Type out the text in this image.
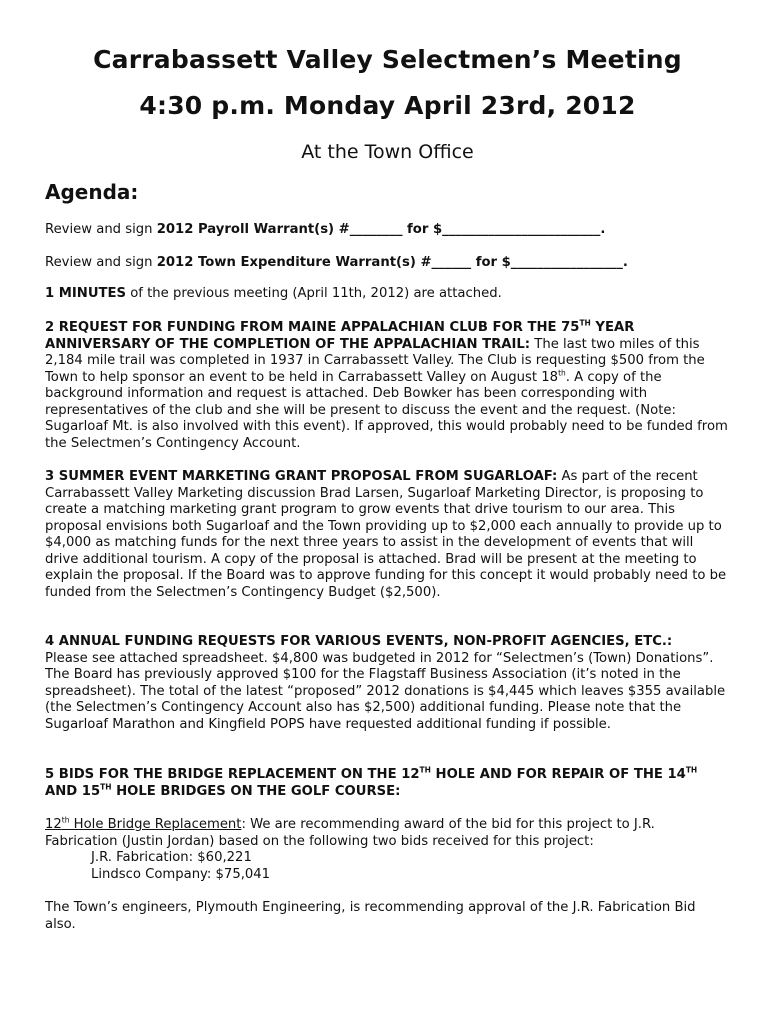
Carrabassett Valley Selectmen’s Meeting
4:30 p.m. Monday April 23rd, 2012
At the Town Office
Agenda:

Review and sign 2012 Payroll Warrant(s) #________ for $________________________.

Review and sign 2012 Town Expenditure Warrant(s) #______ for $_________________.

1 MINUTES of the previous meeting (April 11th, 2012) are attached.

2 REQUEST FOR FUNDING FROM MAINE APPALACHIAN CLUB FOR THE 75TH YEAR ANNIVERSARY OF THE COMPLETION OF THE APPALACHIAN TRAIL: The last two miles of this 2,184 mile trail was completed in 1937 in Carrabassett Valley. The Club is requesting $500 from the Town to help sponsor an event to be held in Carrabassett Valley on August 18th. A copy of the background information and request is attached. Deb Bowker has been corresponding with representatives of the club and she will be present to discuss the event and the request. (Note: Sugarloaf Mt. is also involved with this event). If approved, this would probably need to be funded from the Selectmen’s Contingency Account.

3 SUMMER EVENT MARKETING GRANT PROPOSAL FROM SUGARLOAF: As part of the recent Carrabassett Valley Marketing discussion Brad Larsen, Sugarloaf Marketing Director, is proposing to create a matching marketing grant program to grow events that drive tourism to our area. This proposal envisions both Sugarloaf and the Town providing up to $2,000 each annually to provide up to $4,000 as matching funds for the next three years to assist in the development of events that will drive additional tourism. A copy of the proposal is attached. Brad will be present at the meeting to explain the proposal. If the Board was to approve funding for this concept it would probably need to be funded from the Selectmen’s Contingency Budget ($2,500).

4 ANNUAL FUNDING REQUESTS FOR VARIOUS EVENTS, NON-PROFIT AGENCIES, ETC.:
Please see attached spreadsheet. $4,800 was budgeted in 2012 for “Selectmen’s (Town) Donations”. The Board has previously approved $100 for the Flagstaff Business Association (it’s noted in the spreadsheet). The total of the latest “proposed” 2012 donations is $4,445 which leaves $355 available (the Selectmen’s Contingency Account also has $2,500) additional funding. Please note that the Sugarloaf Marathon and Kingfield POPS have requested additional funding if possible.

5 BIDS FOR THE BRIDGE REPLACEMENT ON THE 12TH HOLE AND FOR REPAIR OF THE 14TH AND 15TH HOLE BRIDGES ON THE GOLF COURSE:

12th Hole Bridge Replacement: We are recommending award of the bid for this project to J.R. Fabrication (Justin Jordan) based on the following two bids received for this project:
J.R. Fabrication: $60,221
Lindsco Company: $75,041

The Town’s engineers, Plymouth Engineering, is recommending approval of the J.R. Fabrication Bid also.
